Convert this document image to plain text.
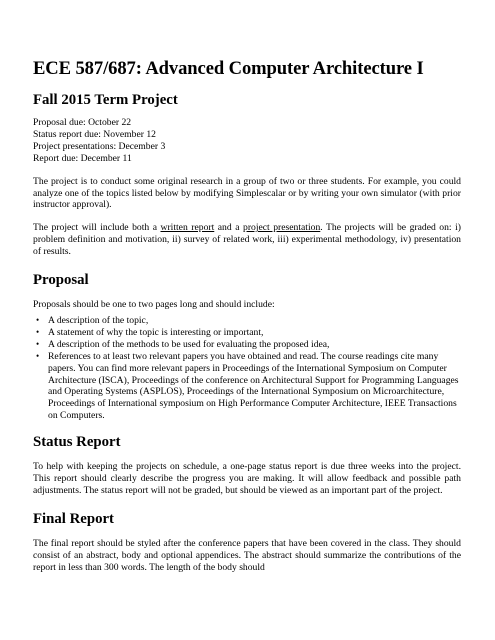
ECE 587/687: Advanced Computer Architecture I
Fall 2015 Term Project
Proposal due: October 22
Status report due: November 12
Project presentations: December 3
Report due: December 11

The project is to conduct some original research in a group of two or three students. For example, you could analyze one of the topics listed below by modifying Simplescalar or by writing your own simulator (with prior instructor approval).

The project will include both a written report and a project presentation. The projects will be graded on: i) problem definition and motivation, ii) survey of related work, iii) experimental methodology, iv) presentation of results.

Proposal

Proposals should be one to two pages long and should include:

• A description of the topic,
• A statement of why the topic is interesting or important,
• A description of the methods to be used for evaluating the proposed idea,
• References to at least two relevant papers you have obtained and read. The course readings cite many papers. You can find more relevant papers in Proceedings of the International Symposium on Computer Architecture (ISCA), Proceedings of the conference on Architectural Support for Programming Languages and Operating Systems (ASPLOS), Proceedings of the International Symposium on Microarchitecture, Proceedings of International symposium on High Performance Computer Architecture, IEEE Transactions on Computers.
Status Report

To help with keeping the projects on schedule, a one-page status report is due three weeks into the project. This report should clearly describe the progress you are making. It will allow feedback and possible path adjustments. The status report will not be graded, but should be viewed as an important part of the project.

Final Report

The final report should be styled after the conference papers that have been covered in the class. They should consist of an abstract, body and optional appendices. The abstract should summarize the contributions of the report in less than 300 words. The length of the body should
